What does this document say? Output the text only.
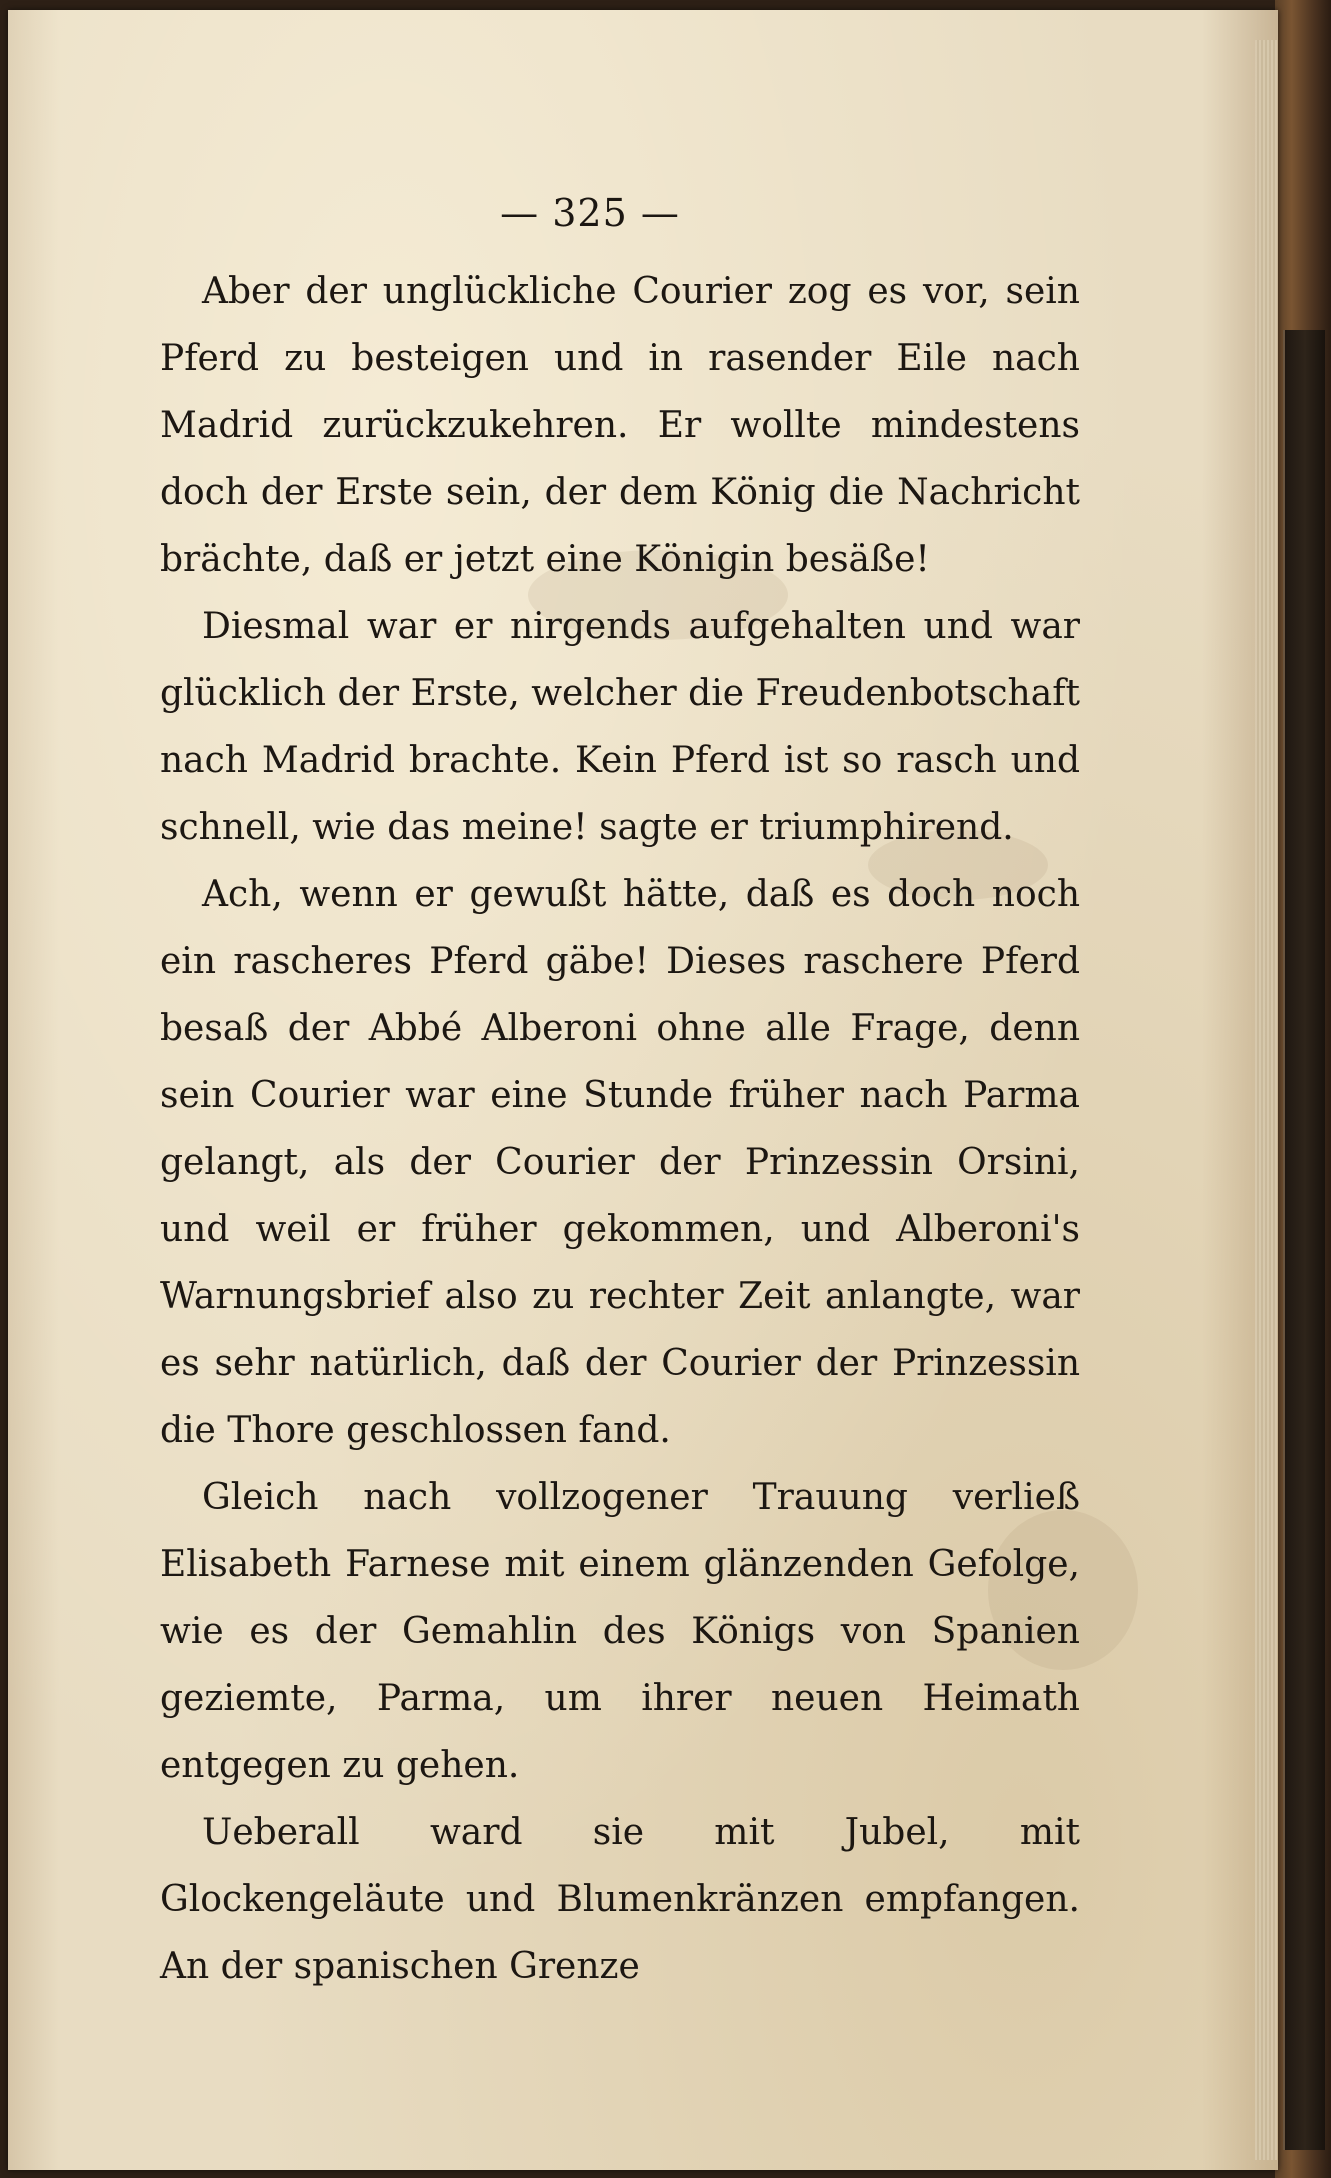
— 325 —

Aber der unglückliche Courier zog es vor, sein Pferd zu besteigen und in rasender Eile nach Madrid zurückzukehren. Er wollte mindestens doch der Erste sein, der dem König die Nachricht brächte, daß er jetzt eine Königin besäße!

Diesmal war er nirgends aufgehalten und war glücklich der Erste, welcher die Freudenbotschaft nach Madrid brachte. Kein Pferd ist so rasch und schnell, wie das meine! sagte er triumphirend.

Ach, wenn er gewußt hätte, daß es doch noch ein rascheres Pferd gäbe! Dieses raschere Pferd besaß der Abbé Alberoni ohne alle Frage, denn sein Courier war eine Stunde früher nach Parma gelangt, als der Courier der Prinzessin Orsini, und weil er früher gekommen, und Alberoni's Warnungsbrief also zu rechter Zeit anlangte, war es sehr natürlich, daß der Courier der Prinzessin die Thore geschlossen fand.

Gleich nach vollzogener Trauung verließ Elisabeth Farnese mit einem glänzenden Gefolge, wie es der Gemahlin des Königs von Spanien geziemte, Parma, um ihrer neuen Heimath entgegen zu gehen.

Ueberall ward sie mit Jubel, mit Glockengeläute und Blumenkränzen empfangen. An der spanischen Grenze
